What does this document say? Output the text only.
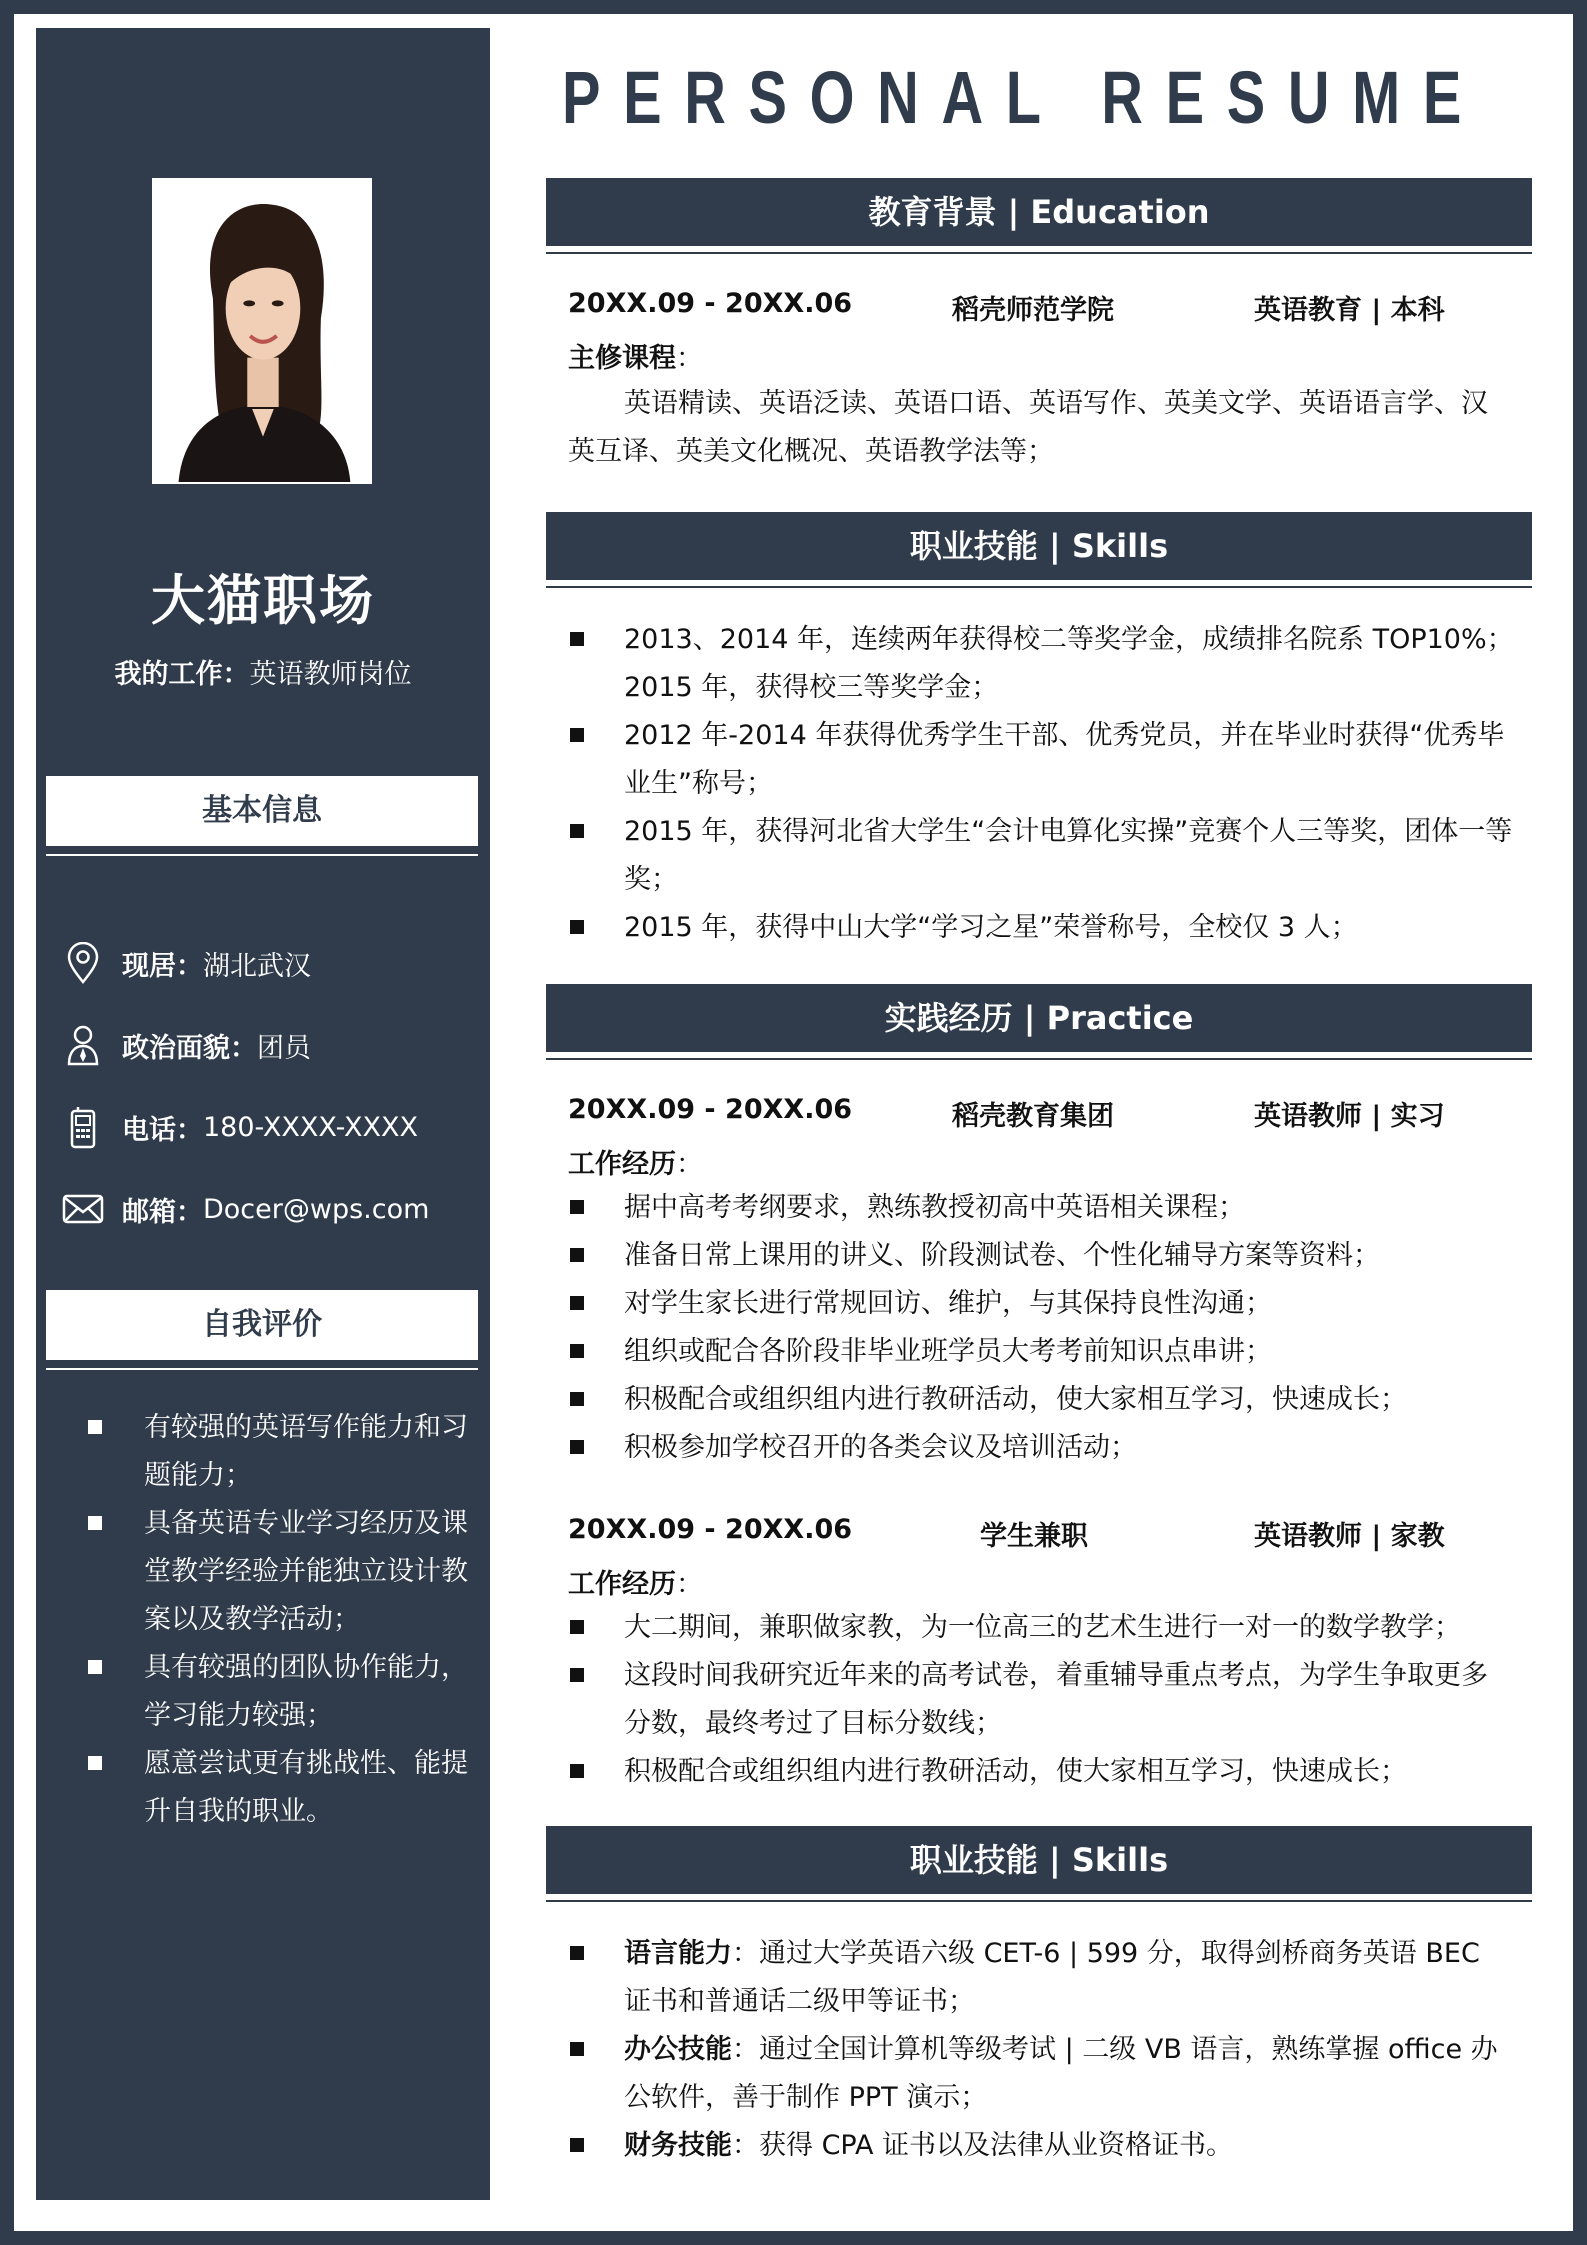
大猫职场
我的工作：英语教师岗位
基本信息
现居： 湖北武汉
政治面貌： 团员
电话： 180-XXXX-XXXX
邮箱： Docer@wps.com
自我评价
有较强的英语写作能力和习题能力；
具备英语专业学习经历及课堂教学经验并能独立设计教案以及教学活动；
具有较强的团队协作能力，学习能力较强；
愿意尝试更有挑战性、能提升自我的职业。
PERSONAL RESUME
教育背景 | Education
20XX.09 - 20XX.06	稻壳师范学院	英语教育 | 本科
主修课程：
英语精读、英语泛读、英语口语、英语写作、英美文学、英语语言学、汉英互译、英美文化概况、英语教学法等；
职业技能 | Skills
2013、2014 年，连续两年获得校二等奖学金，成绩排名院系 TOP10%；2015 年，获得校三等奖学金；
2012 年-2014 年获得优秀学生干部、优秀党员，并在毕业时获得“优秀毕业生”称号；
2015 年，获得河北省大学生“会计电算化实操”竞赛个人三等奖，团体一等奖；
2015 年，获得中山大学“学习之星”荣誉称号，全校仅 3 人；
实践经历 | Practice
20XX.09 - 20XX.06	稻壳教育集团	英语教师 | 实习
工作经历：
据中高考考纲要求，熟练教授初高中英语相关课程；
准备日常上课用的讲义、阶段测试卷、个性化辅导方案等资料；
对学生家长进行常规回访、维护，与其保持良性沟通；
组织或配合各阶段非毕业班学员大考考前知识点串讲；
积极配合或组织组内进行教研活动，使大家相互学习，快速成长；
积极参加学校召开的各类会议及培训活动；
20XX.09 - 20XX.06	学生兼职	英语教师 | 家教
工作经历：
大二期间，兼职做家教，为一位高三的艺术生进行一对一的数学教学；
这段时间我研究近年来的高考试卷，着重辅导重点考点，为学生争取更多分数，最终考过了目标分数线；
积极配合或组织组内进行教研活动，使大家相互学习，快速成长；
职业技能 | Skills
语言能力：通过大学英语六级 CET-6 | 599 分，取得剑桥商务英语 BEC 证书和普通话二级甲等证书；
办公技能：通过全国计算机等级考试 | 二级 VB 语言，熟练掌握 office 办公软件，善于制作 PPT 演示；
财务技能：获得 CPA 证书以及法律从业资格证书。
